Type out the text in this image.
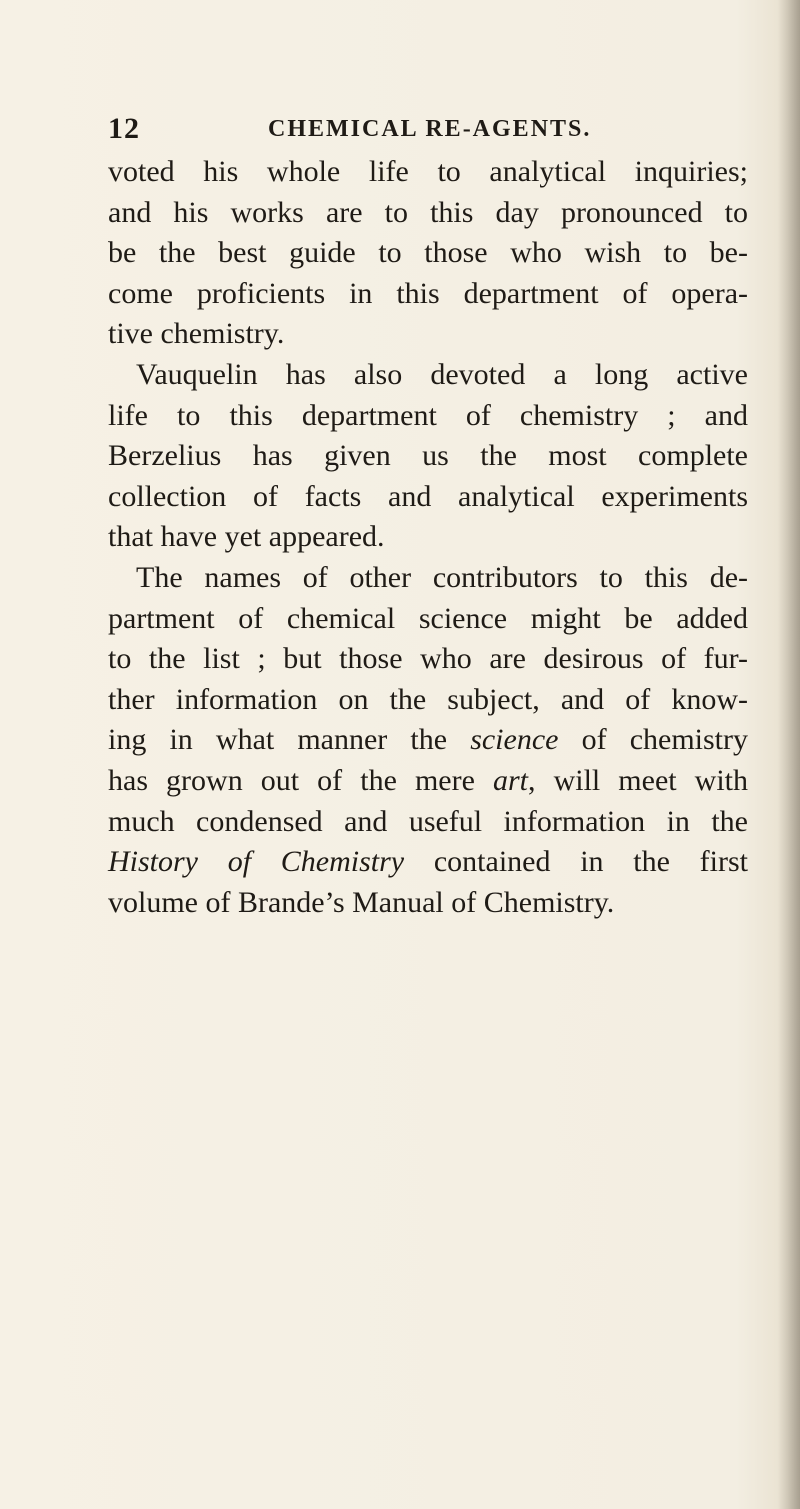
12	CHEMICAL RE-AGENTS.
voted his whole life to analytical inquiries;
and his works are to this day pronounced to
be the best guide to those who wish to be-
come proficients in this department of opera-
tive chemistry.
Vauquelin has also devoted a long active
life to this department of chemistry ; and
Berzelius has given us the most complete
collection of facts and analytical experiments
that have yet appeared.
The names of other contributors to this de-
partment of chemical science might be added
to the list ; but those who are desirous of fur-
ther information on the subject, and of know-
ing in what manner the science of chemistry
has grown out of the mere art, will meet with
much condensed and useful information in the
History of Chemistry contained in the first
volume of Brande’s Manual of Chemistry.
